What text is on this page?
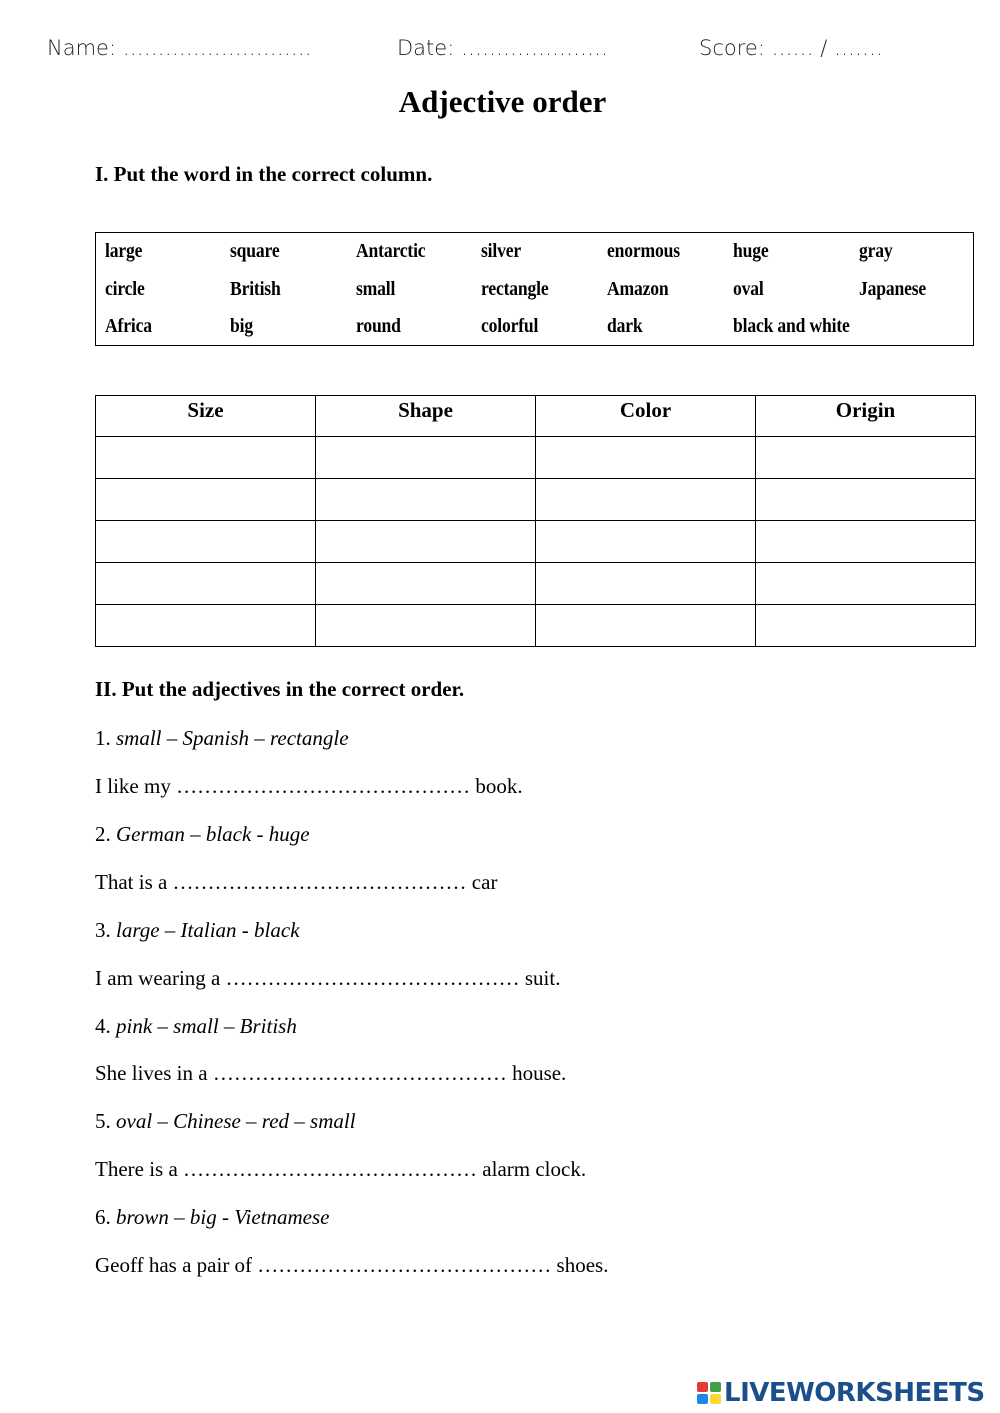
Name: ………………………	Date: …………………	Score: …… / …….
Adjective order
I. Put the word in the correct column.
large	square	Antarctic	silver	enormous	huge	gray
circle	British	small	rectangle	Amazon	oval	Japanese
Africa	big	round	colorful	dark	black and white
Size	Shape	Color	Origin

II. Put the adjectives in the correct order.
1. small – Spanish – rectangle
I like my …………………………………… book.
2. German – black - huge
That is a …………………………………… car
3. large – Italian - black
I am wearing a …………………………………… suit.
4. pink – small – British
She lives in a …………………………………… house.
5. oval – Chinese – red – small
There is a …………………………………… alarm clock.
6. brown – big - Vietnamese
Geoff has a pair of …………………………………… shoes.
LIVEWORKSHEETS
